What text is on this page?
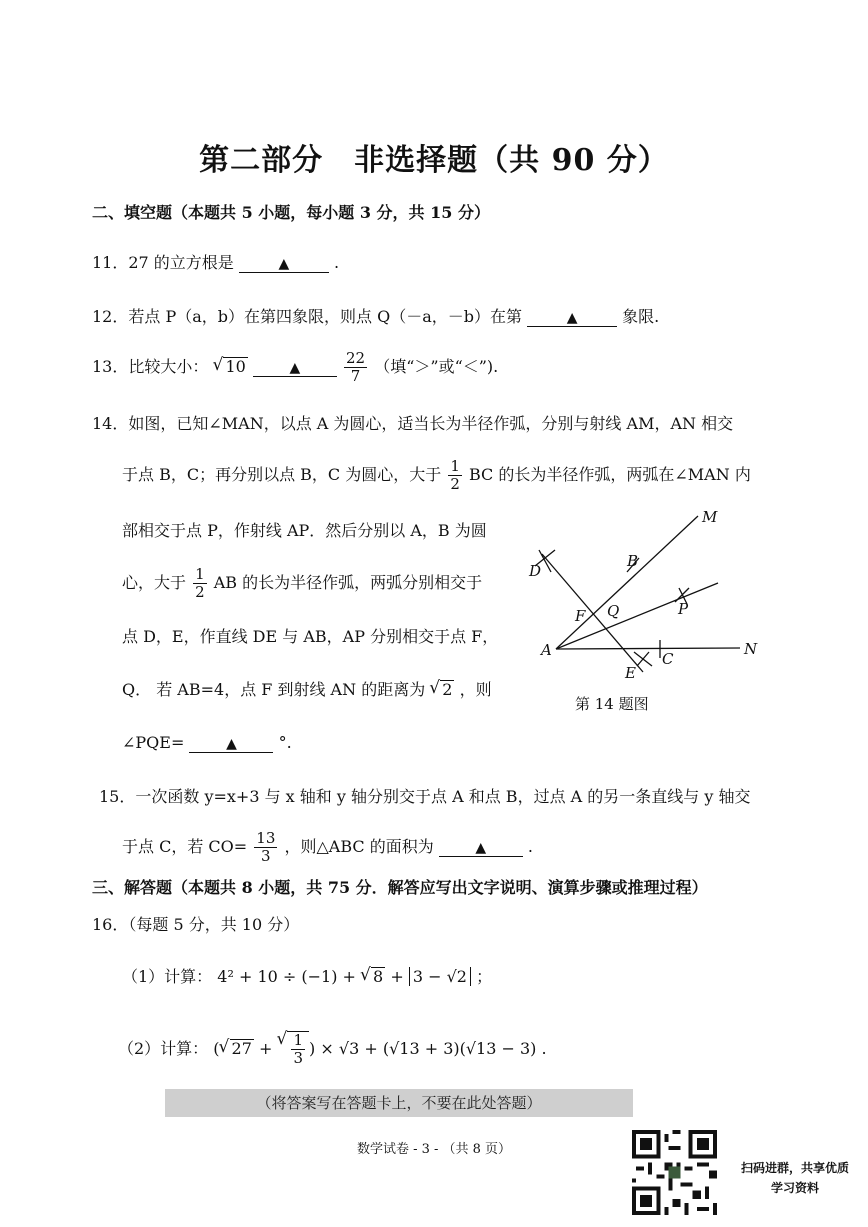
第二部分　非选择题（共 90 分）
二、填空题（本题共 5 小题，每小题 3 分，共 15 分）
11．27 的立方根是	▲	.
12．若点 P（a，b）在第四象限，则点 Q（－a，－b）在第	▲	象限.
13．比较大小： √ 10	▲	$\frac{22}{7}$ （填“＞”或“＜”).
14．如图，已知∠MAN，以点 A 为圆心，适当长为半径作弧，分别与射线 AM，AN 相交
于点 B，C；再分别以点 B，C 为圆心，大于 $\frac{1}{2}$ BC 的长为半径作弧，两弧在∠MAN 内
部相交于点 P，作射线 AP．然后分别以 A，B 为圆
心，大于 $\frac{1}{2}$ AB 的长为半径作弧，两弧分别相交于
点 D，E，作直线 DE 与 AB，AP 分别相交于点 F，
Q． 若 AB=4，点 F 到射线 AN 的距离为 √ 2 ，则
∠PQE=	▲	°.
M
N
A
B
C
D
E
F	P
Q
第 14 题图
15．一次函数 y=x+3 与 x 轴和 y 轴分别交于点 A 和点 B，过点 A 的另一条直线与 y 轴交
于点 C，若 $CO= \frac{13}{3}$ ，则△ABC 的面积为	▲	.
三、解答题（本题共 8 小题，共 75 分．解答应写出文字说明、演算步骤或推理过程）
16．（每题 5 分，共 10 分）
（1）计算： 4² + 10 ÷ (−1) + √ 8 + 3 − √2 ；
（2）计算： ( √ 27 + √ $\frac{1}{3}$ ) × √3 + (√13 + 3)(√13 − 3) .
（将答案写在答题卡上，不要在此处答题）
数学试卷 - 3 - （共 8 页）
扫码进群，共享优质
学习资料
